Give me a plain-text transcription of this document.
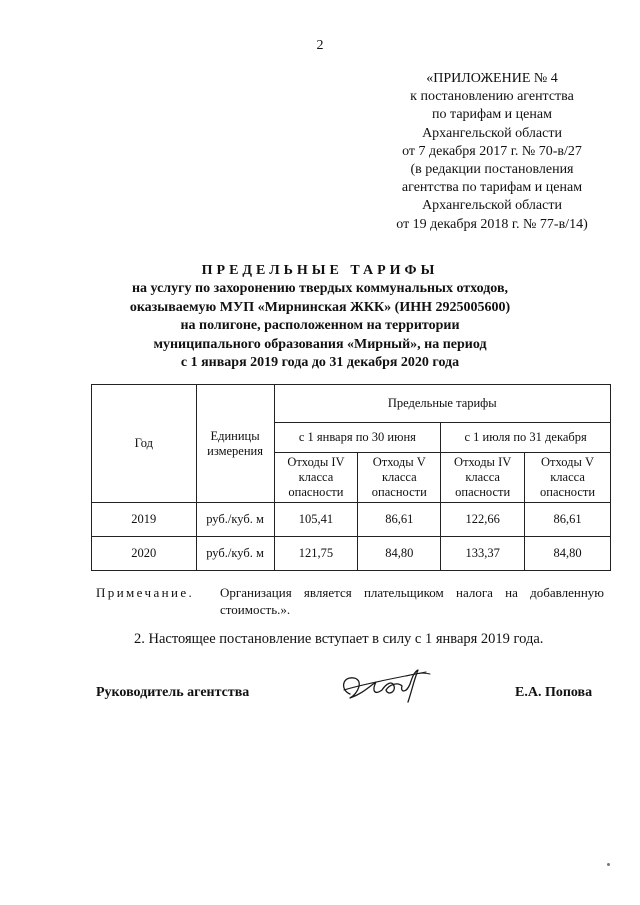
2
«ПРИЛОЖЕНИЕ № 4
к постановлению агентства
по тарифам и ценам
Архангельской области
от 7 декабря 2017 г. № 70-в/27
(в редакции постановления
агентства по тарифам и ценам
Архангельской области
от 19 декабря 2018 г. № 77-в/14)
ПРЕДЕЛЬНЫЕ ТАРИФЫ
на услугу по захоронению твердых коммунальных отходов,
оказываемую МУП «Мирнинская ЖКК» (ИНН 2925005600)
на полигоне, расположенном на территории
муниципального образования «Мирный», на период
с 1 января 2019 года до 31 декабря 2020 года
Год	Единицы измерения	Предельные тарифы			
		с 1 января по 30 июня		с 1 июля по 31 декабря	
		Отходы IV класса опасности	Отходы V класса опасности	Отходы IV класса опасности	Отходы V класса опасности
2019	руб./куб. м	105,41	86,61	122,66	86,61
2020	руб./куб. м	121,75	84,80	133,37	84,80
Примечание. Организация является плательщиком налога на добавленную стоимость.».
2. Настоящее постановление вступает в силу с 1 января 2019 года.
Руководитель агентства	Е.А. Попова
